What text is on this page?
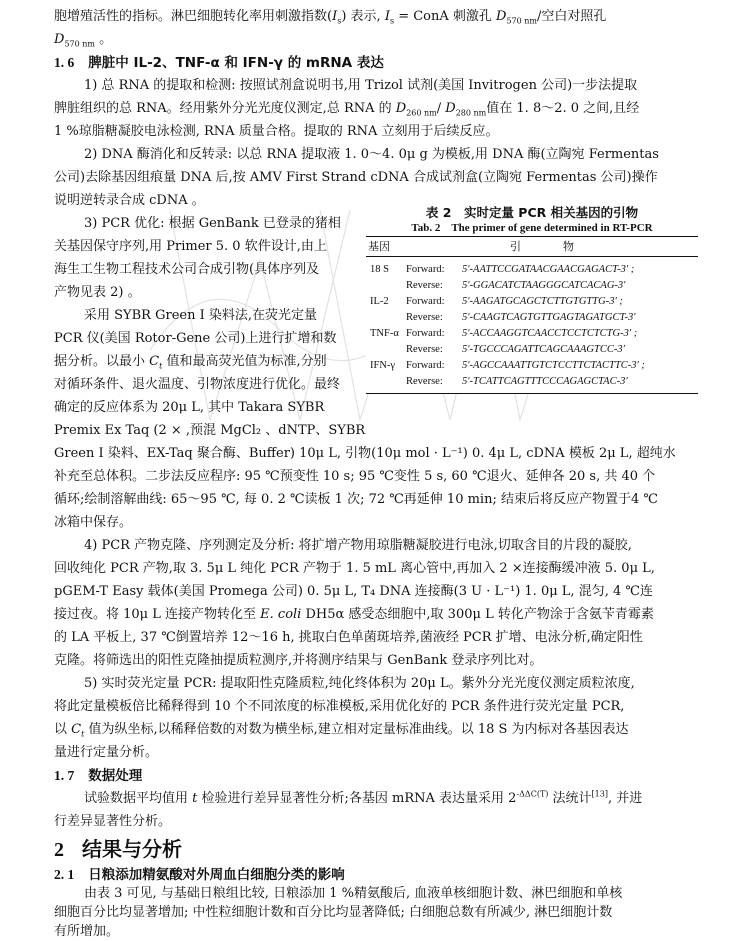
胞增殖活性的指标。淋巴细胞转化率用刺激指数$(I_s)$ 表示, $I_s$ = ConA 刺激孔 $D_{570 nm}/$空白对照孔
$D_{570 nm}$ 。
1. 6 脾脏中 IL-2、TNF-α 和 IFN-γ 的 mRNA 表达
1) 总 RNA 的提取和检测: 按照试剂盒说明书,用 Trizol 试剂(美国 Invitrogen 公司)一步法提取
脾脏组织的总 RNA。经用紫外分光光度仪测定,总 RNA 的 $D_{260 nm}/$ $D_{280 nm}$值在 1. 8～2. 0 之间,且经
1 %琼脂糖凝胶电泳检测, RNA 质量合格。提取的 RNA 立刻用于后续反应。
2) DNA 酶消化和反转录: 以总 RNA 提取液 1. 0～4. 0μ g 为模板,用 DNA 酶(立陶宛 Fermentas
公司)去除基因组痕量 DNA 后,按 AMV First Strand cDNA 合成试剂盒(立陶宛 Fermentas 公司)操作
说明逆转录合成 cDNA 。
3) PCR 优化: 根据 GenBank 已登录的猪相
关基因保守序列,用 Primer 5. 0 软件设计,由上
海生工生物工程技术公司合成引物(具体序列及
产物见表 2) 。
采用 SYBR Green I 染料法,在荧光定量
PCR 仪(美国 Rotor-Gene 公司)上进行扩增和数
据分析。以最小 $C_t$ 值和最高荧光值为标准,分别
对循环条件、退火温度、引物浓度进行优化。最终
确定的反应体系为 20μ L, 其中 Takara SYBR
Premix Ex Taq (2 × ,预混 MgCl₂ 、dNTP、SYBR
Green I 染料、EX-Taq 聚合酶、Buffer) 10μ L, 引物(10μ mol · L⁻¹) 0. 4μ L, cDNA 模板 2μ L, 超纯水
补充至总体积。二步法反应程序: 95 ℃预变性 10 s; 95 ℃变性 5 s, 60 ℃退火、延伸各 20 s, 共 40 个
循环;绘制溶解曲线: 65～95 ℃, 每 0. 2 ℃读板 1 次; 72 ℃再延伸 10 min; 结束后将反应产物置于4 ℃
冰箱中保存。
表 2　实时定量 PCR 相关基因的引物
Tab. 2　The primer of gene determined in RT-PCR
基因	引物
18 S	Forward:	5′-AATTCCGATAACGAACGAGACT-3′ ;
Reverse:	5′-GGACATCTAAGGGCATCACAG-3′
IL-2	Forward:	5′-AAGATGCAGCTCTTGTGTTG-3′ ;
Reverse:	5′-CAAGTCAGTGTTGAGTAGATGCT-3′
TNF-α Forward:	5′-ACCAAGGTCAACCTCCTCTCTG-3′ ;
Reverse:	5′-TGCCCAGATTCAGCAAAGTCC-3′
IFN-γ	Forward:	5′-AGCCAAATTGTCTCCTTCTACTTC-3′ ;
Reverse:	5′-TCATTCAGTTTCCCAGAGCTAC-3′
4) PCR 产物克隆、序列测定及分析: 将扩增产物用琼脂糖凝胶进行电泳,切取含目的片段的凝胶,
回收纯化 PCR 产物,取 3. 5μ L 纯化 PCR 产物于 1. 5 mL 离心管中,再加入 2 ×连接酶缓冲液 5. 0μ L,
pGEM-T Easy 载体(美国 Promega 公司) 0. 5μ L, T₄ DNA 连接酶(3 U · L⁻¹) 1. 0μ L, 混匀, 4 ℃连
接过夜。将 10μ L 连接产物转化至 E. coli DH5α 感受态细胞中,取 300μ L 转化产物涂于含氨苄青霉素
的 LA 平板上, 37 ℃倒置培养 12～16 h, 挑取白色单菌斑培养,菌液经 PCR 扩增、电泳分析,确定阳性
克隆。将筛选出的阳性克隆抽提质粒测序,并将测序结果与 GenBank 登录序列比对。
5) 实时荧光定量 PCR: 提取阳性克隆质粒,纯化终体积为 20μ L。紫外分光光度仪测定质粒浓度,
将此定量模板倍比稀释得到 10 个不同浓度的标准模板,采用优化好的 PCR 条件进行荧光定量 PCR,
以 $C_t$ 值为纵坐标,以稀释倍数的对数为横坐标,建立相对定量标准曲线。以 18 S 为内标对各基因表达
量进行定量分析。
1. 7 数据处理
试验数据平均值用 t 检验进行差异显著性分析;各基因 mRNA 表达量采用 $2^{-\Delta\Delta C(T)}$ 法统计[13], 并进
行差异显著性分析。
2 结果与分析
2. 1 日粮添加精氨酸对外周血白细胞分类的影响
由表 3 可见, 与基础日粮组比较, 日粮添加 1 %精氨酸后, 血液单核细胞计数、淋巴细胞和单核
细胞百分比均显著增加; 中性粒细胞计数和百分比均显著降低; 白细胞总数有所减少, 淋巴细胞计数
有所增加。
